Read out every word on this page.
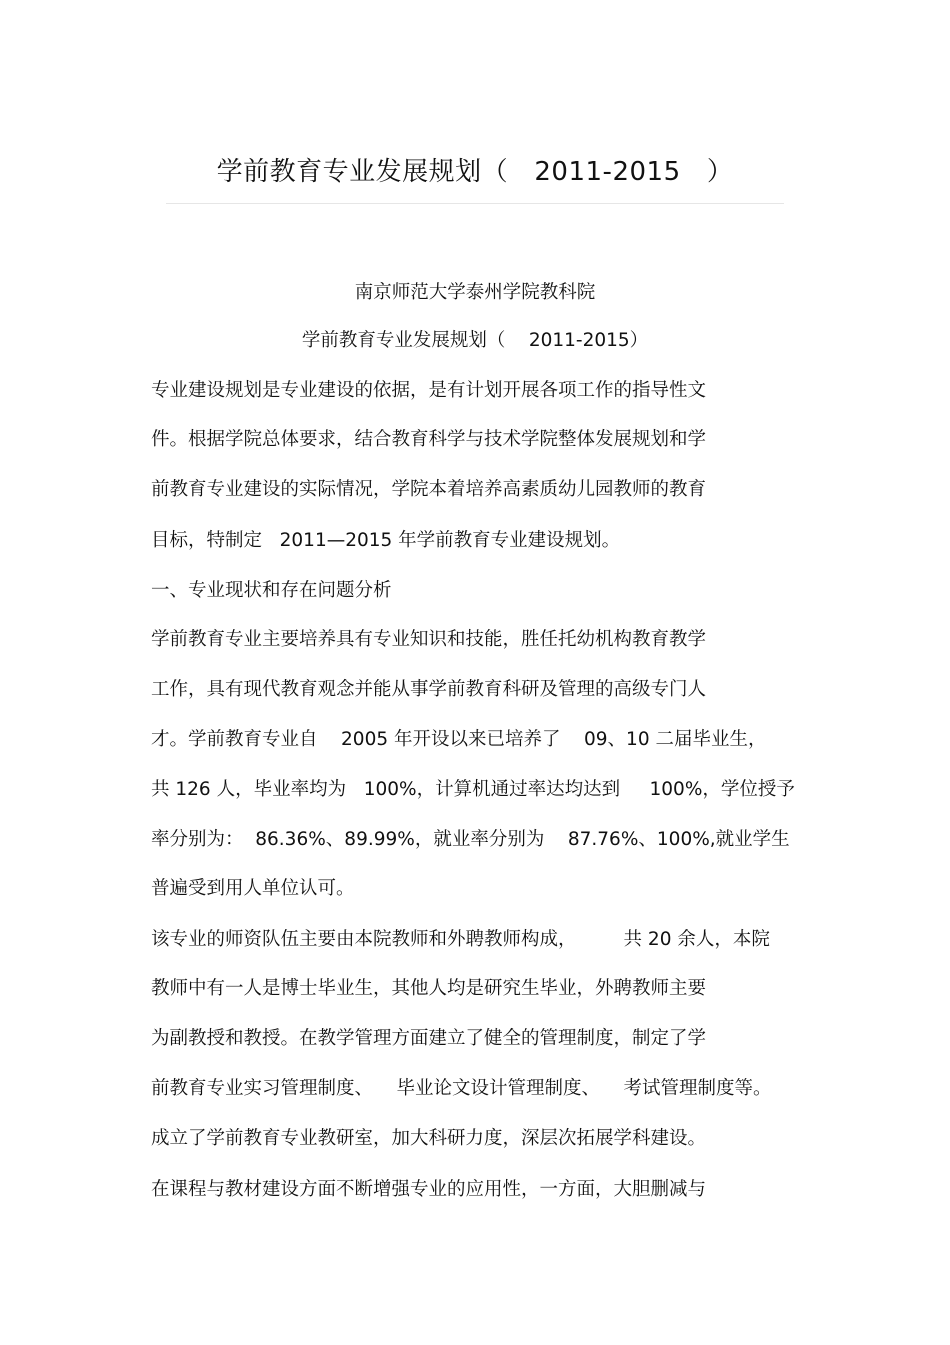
学前教育专业发展规划（   2011-2015   ）
南京师范大学泰州学院教科院
学前教育专业发展规划（    2011-2015）
专业建设规划是专业建设的依据，是有计划开展各项工作的指导性文
件。根据学院总体要求，结合教育科学与技术学院整体发展规划和学
前教育专业建设的实际情况，学院本着培养高素质幼儿园教师的教育
目标，特制定   2011—2015 年学前教育专业建设规划。
一、专业现状和存在问题分析
学前教育专业主要培养具有专业知识和技能，胜任托幼机构教育教学
工作，具有现代教育观念并能从事学前教育科研及管理的高级专门人
才。学前教育专业自    2005 年开设以来已培养了    09、10 二届毕业生，
共 126 人，毕业率均为   100%，计算机通过率达均达到     100%，学位授予
率分别为：  86.36%、89.99%，就业率分别为    87.76%、100%,就业学生
普遍受到用人单位认可。
该专业的师资队伍主要由本院教师和外聘教师构成，        共 20 余人，本院
教师中有一人是博士毕业生，其他人均是研究生毕业，外聘教师主要
为副教授和教授。在教学管理方面建立了健全的管理制度，制定了学
前教育专业实习管理制度、    毕业论文设计管理制度、    考试管理制度等。
成立了学前教育专业教研室，加大科研力度，深层次拓展学科建设。
在课程与教材建设方面不断增强专业的应用性，一方面，大胆删减与
